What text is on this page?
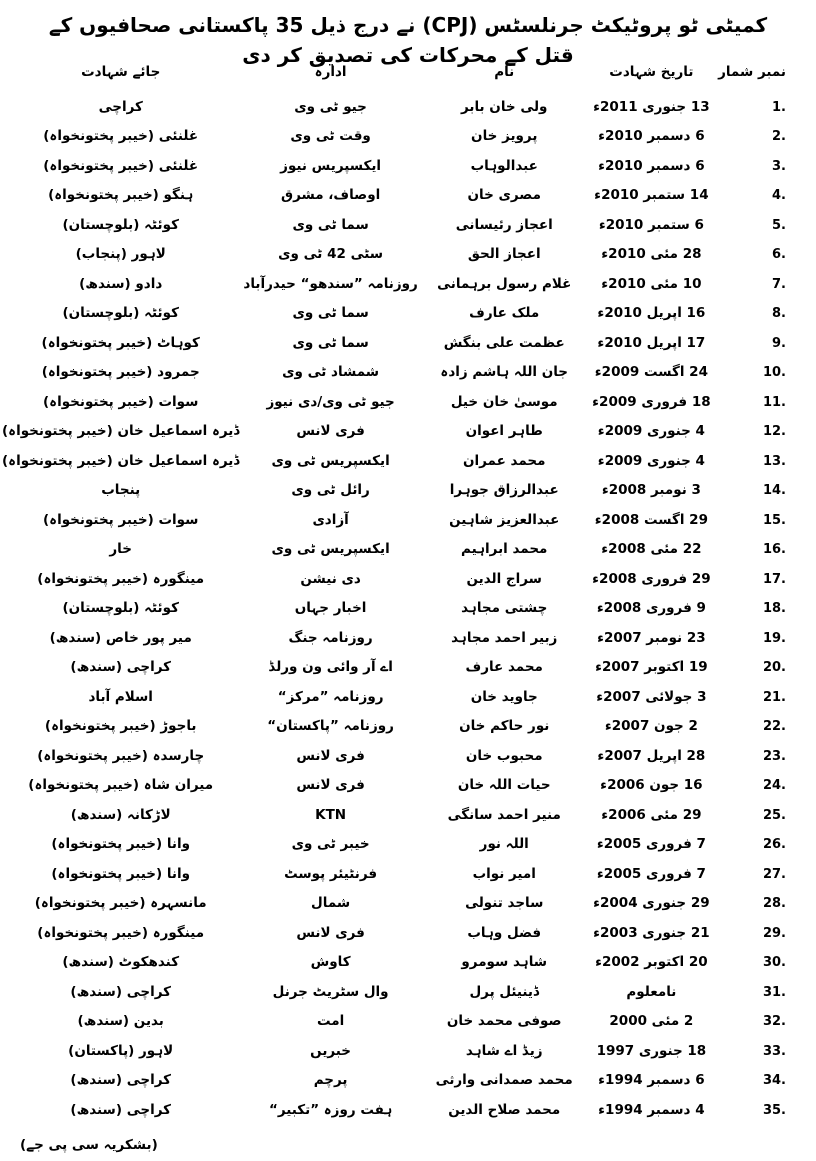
کمیٹی ٹو پروٹیکٹ جرنلسٹس (CPJ) نے درج ذیل 35 پاکستانی صحافیوں کے قتل کے محرکات کی تصدیق کر دی
نمبر شمار	تاریخ شہادت	نام	ادارہ	جائے شہادت
1.	13 جنوری 2011ء	ولی خان بابر	جیو ٹی وی	کراچی
2.	6 دسمبر 2010ء	پرویز خان	وقت ٹی وی	غلنئی (خیبر پختونخواہ)
3.	6 دسمبر 2010ء	عبدالوہاب	ایکسپریس نیوز	غلنئی (خیبر پختونخواہ)
4.	14 ستمبر 2010ء	مصری خان	اوصاف، مشرق	ہنگو (خیبر پختونخواہ)
5.	6 ستمبر 2010ء	اعجاز رئیسانی	سما ٹی وی	کوئٹہ (بلوچستان)
6.	28 مئی 2010ء	اعجاز الحق	سٹی 42 ٹی وی	لاہور (پنجاب)
7.	10 مئی 2010ء	غلام رسول برہمانی	روزنامہ ”سندھو“ حیدرآباد	دادو (سندھ)
8.	16 اپریل 2010ء	ملک عارف	سما ٹی وی	کوئٹہ (بلوچستان)
9.	17 اپریل 2010ء	عظمت علی بنگش	سما ٹی وی	کوہاٹ (خیبر پختونخواہ)
10.	24 اگست 2009ء	جان اللہ ہاشم زادہ	شمشاد ٹی وی	جمرود (خیبر پختونخواہ)
11.	18 فروری 2009ء	موسیٰ خان خیل	جیو ٹی وی/دی نیوز	سوات (خیبر پختونخواہ)
12.	4 جنوری 2009ء	طاہر اعوان	فری لانس	ڈیرہ اسماعیل خان (خیبر پختونخواہ)
13.	4 جنوری 2009ء	محمد عمران	ایکسپریس ٹی وی	ڈیرہ اسماعیل خان (خیبر پختونخواہ)
14.	3 نومبر 2008ء	عبدالرزاق جوہرا	رائل ٹی وی	پنجاب
15.	29 اگست 2008ء	عبدالعزیز شاہین	آزادی	سوات (خیبر پختونخواہ)
16.	22 مئی 2008ء	محمد ابراہیم	ایکسپریس ٹی وی	خار
17.	29 فروری 2008ء	سراج الدین	دی نیشن	مینگورہ (خیبر پختونخواہ)
18.	9 فروری 2008ء	چشتی مجاہد	اخبار جہاں	کوئٹہ (بلوچستان)
19.	23 نومبر 2007ء	زبیر احمد مجاہد	روزنامہ جنگ	میر پور خاص (سندھ)
20.	19 اکتوبر 2007ء	محمد عارف	اے آر وائی ون ورلڈ	کراچی (سندھ)
21.	3 جولائی 2007ء	جاوید خان	روزنامہ ”مرکز“	اسلام آباد
22.	2 جون 2007ء	نور حاکم خان	روزنامہ ”پاکستان“	باجوڑ (خیبر پختونخواہ)
23.	28 اپریل 2007ء	محبوب خان	فری لانس	چارسدہ (خیبر پختونخواہ)
24.	16 جون 2006ء	حیات اللہ خان	فری لانس	میران شاہ (خیبر پختونخواہ)
25.	29 مئی 2006ء	منیر احمد سانگی	KTN	لاڑکانہ (سندھ)
26.	7 فروری 2005ء	اللہ نور	خیبر ٹی وی	وانا (خیبر پختونخواہ)
27.	7 فروری 2005ء	امیر نواب	فرنٹیئر پوسٹ	وانا (خیبر پختونخواہ)
28.	29 جنوری 2004ء	ساجد تنولی	شمال	مانسہرہ (خیبر پختونخواہ)
29.	21 جنوری 2003ء	فضل وہاب	فری لانس	مینگورہ (خیبر پختونخواہ)
30.	20 اکتوبر 2002ء	شاہد سومرو	کاوش	کندھکوٹ (سندھ)
31.	نامعلوم	ڈینیئل پرل	وال سٹریٹ جرنل	کراچی (سندھ)
32.	2 مئی 2000	صوفی محمد خان	امت	بدین (سندھ)
33.	18 جنوری 1997	زیڈ اے شاہد	خبریں	لاہور (پاکستان)
34.	6 دسمبر 1994ء	محمد صمدانی وارثی	پرچم	کراچی (سندھ)
35.	4 دسمبر 1994ء	محمد صلاح الدین	ہفت روزہ ”تکبیر“	کراچی (سندھ)
(بشکریہ سی پی جے)
